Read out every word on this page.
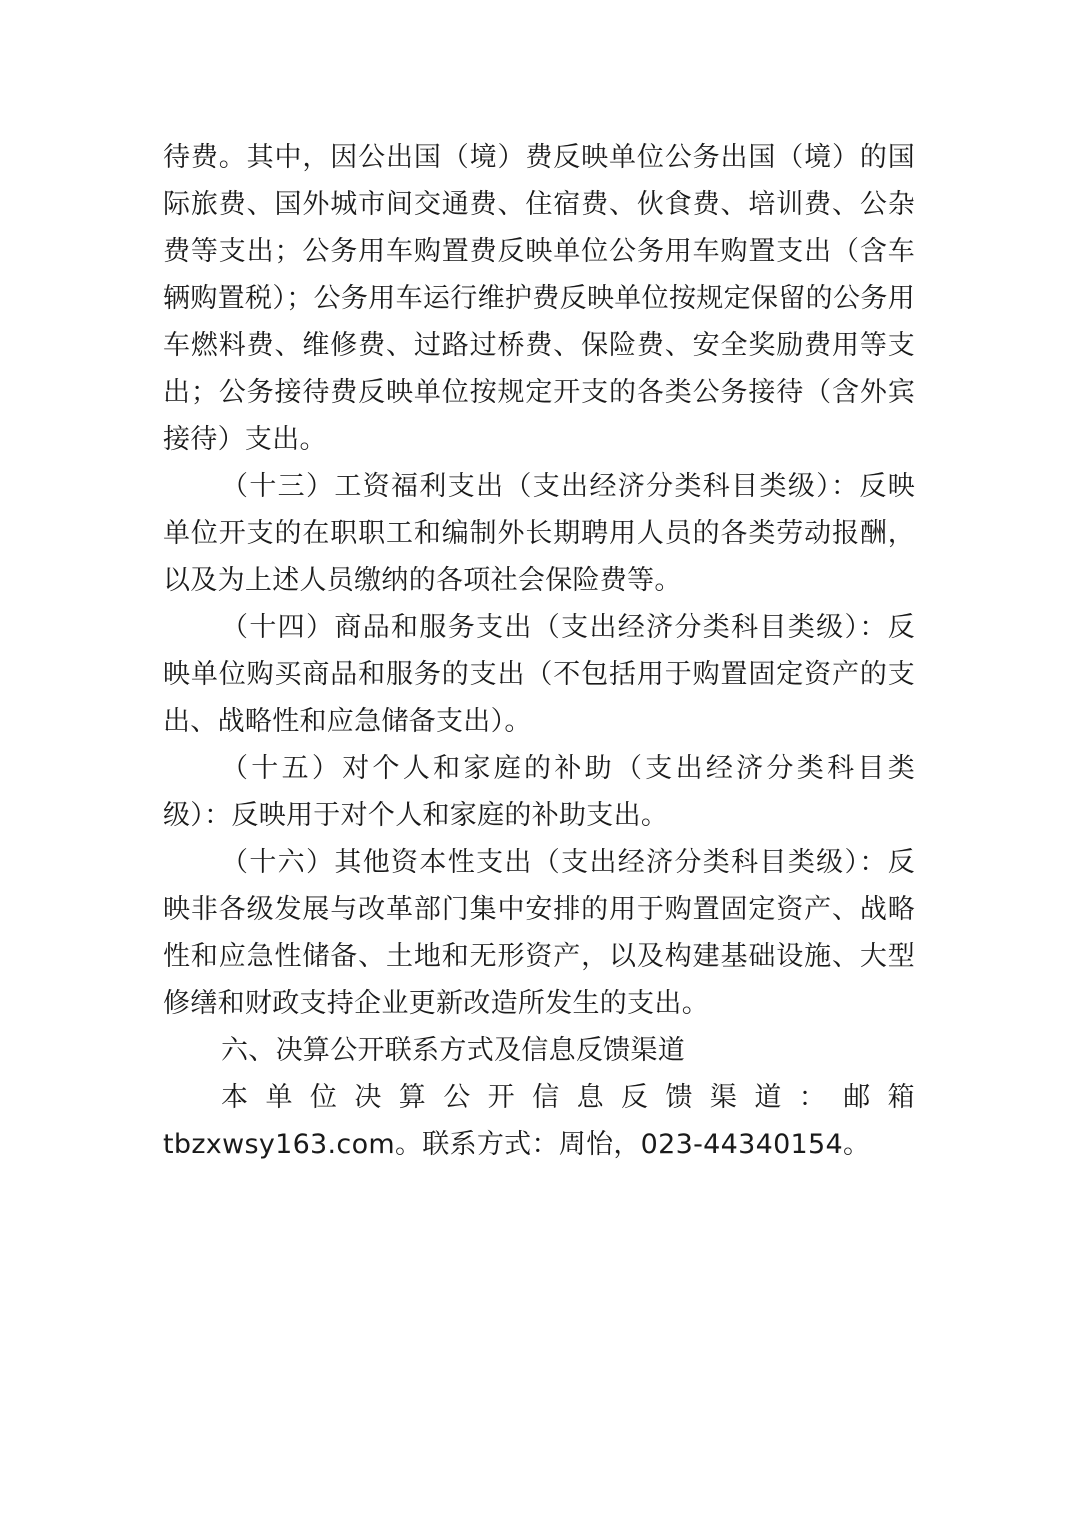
待费。其中，因公出国（境）费反映单位公务出国（境）的国际旅费、国外城市间交通费、住宿费、伙食费、培训费、公杂费等支出；公务用车购置费反映单位公务用车购置支出（含车辆购置税）；公务用车运行维护费反映单位按规定保留的公务用车燃料费、维修费、过路过桥费、保险费、安全奖励费用等支出；公务接待费反映单位按规定开支的各类公务接待（含外宾接待）支出。

（十三）工资福利支出（支出经济分类科目类级）：反映单位开支的在职职工和编制外长期聘用人员的各类劳动报酬，以及为上述人员缴纳的各项社会保险费等。

（十四）商品和服务支出（支出经济分类科目类级）：反映单位购买商品和服务的支出（不包括用于购置固定资产的支出、战略性和应急储备支出）。

（十五）对个人和家庭的补助（支出经济分类科目类级）：反映用于对个人和家庭的补助支出。

（十六）其他资本性支出（支出经济分类科目类级）：反映非各级发展与改革部门集中安排的用于购置固定资产、战略性和应急性储备、土地和无形资产，以及构建基础设施、大型修缮和财政支持企业更新改造所发生的支出。

六、决算公开联系方式及信息反馈渠道

本单位决算公开信息反馈渠道：邮箱 tbzxwsy163.com。联系方式：周怡，023-44340154。
